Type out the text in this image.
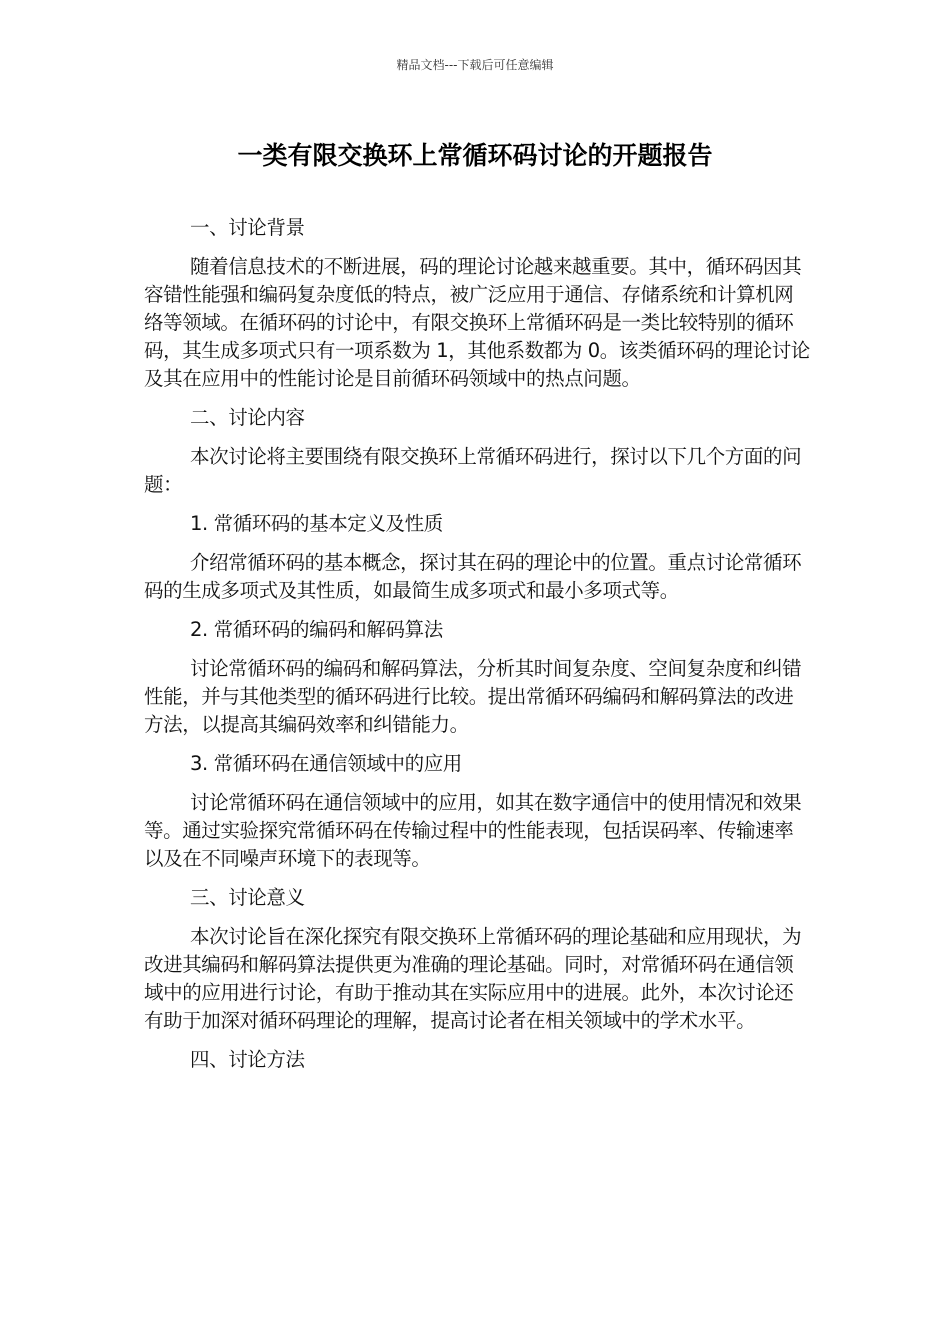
精品文档---下载后可任意编辑
一类有限交换环上常循环码讨论的开题报告

一、讨论背景

随着信息技术的不断进展，码的理论讨论越来越重要。其中，循环码因其容错性能强和编码复杂度低的特点，被广泛应用于通信、存储系统和计算机网络等领域。在循环码的讨论中，有限交换环上常循环码是一类比较特别的循环码，其生成多项式只有一项系数为 1，其他系数都为 0。该类循环码的理论讨论及其在应用中的性能讨论是目前循环码领域中的热点问题。

二、讨论内容

本次讨论将主要围绕有限交换环上常循环码进行，探讨以下几个方面的问题：

1. 常循环码的基本定义及性质

介绍常循环码的基本概念，探讨其在码的理论中的位置。重点讨论常循环码的生成多项式及其性质，如最简生成多项式和最小多项式等。

2. 常循环码的编码和解码算法

讨论常循环码的编码和解码算法，分析其时间复杂度、空间复杂度和纠错性能，并与其他类型的循环码进行比较。提出常循环码编码和解码算法的改进方法，以提高其编码效率和纠错能力。

3. 常循环码在通信领域中的应用

讨论常循环码在通信领域中的应用，如其在数字通信中的使用情况和效果等。通过实验探究常循环码在传输过程中的性能表现，包括误码率、传输速率以及在不同噪声环境下的表现等。

三、讨论意义

本次讨论旨在深化探究有限交换环上常循环码的理论基础和应用现状，为改进其编码和解码算法提供更为准确的理论基础。同时，对常循环码在通信领域中的应用进行讨论，有助于推动其在实际应用中的进展。此外，本次讨论还有助于加深对循环码理论的理解，提高讨论者在相关领域中的学术水平。

四、讨论方法
